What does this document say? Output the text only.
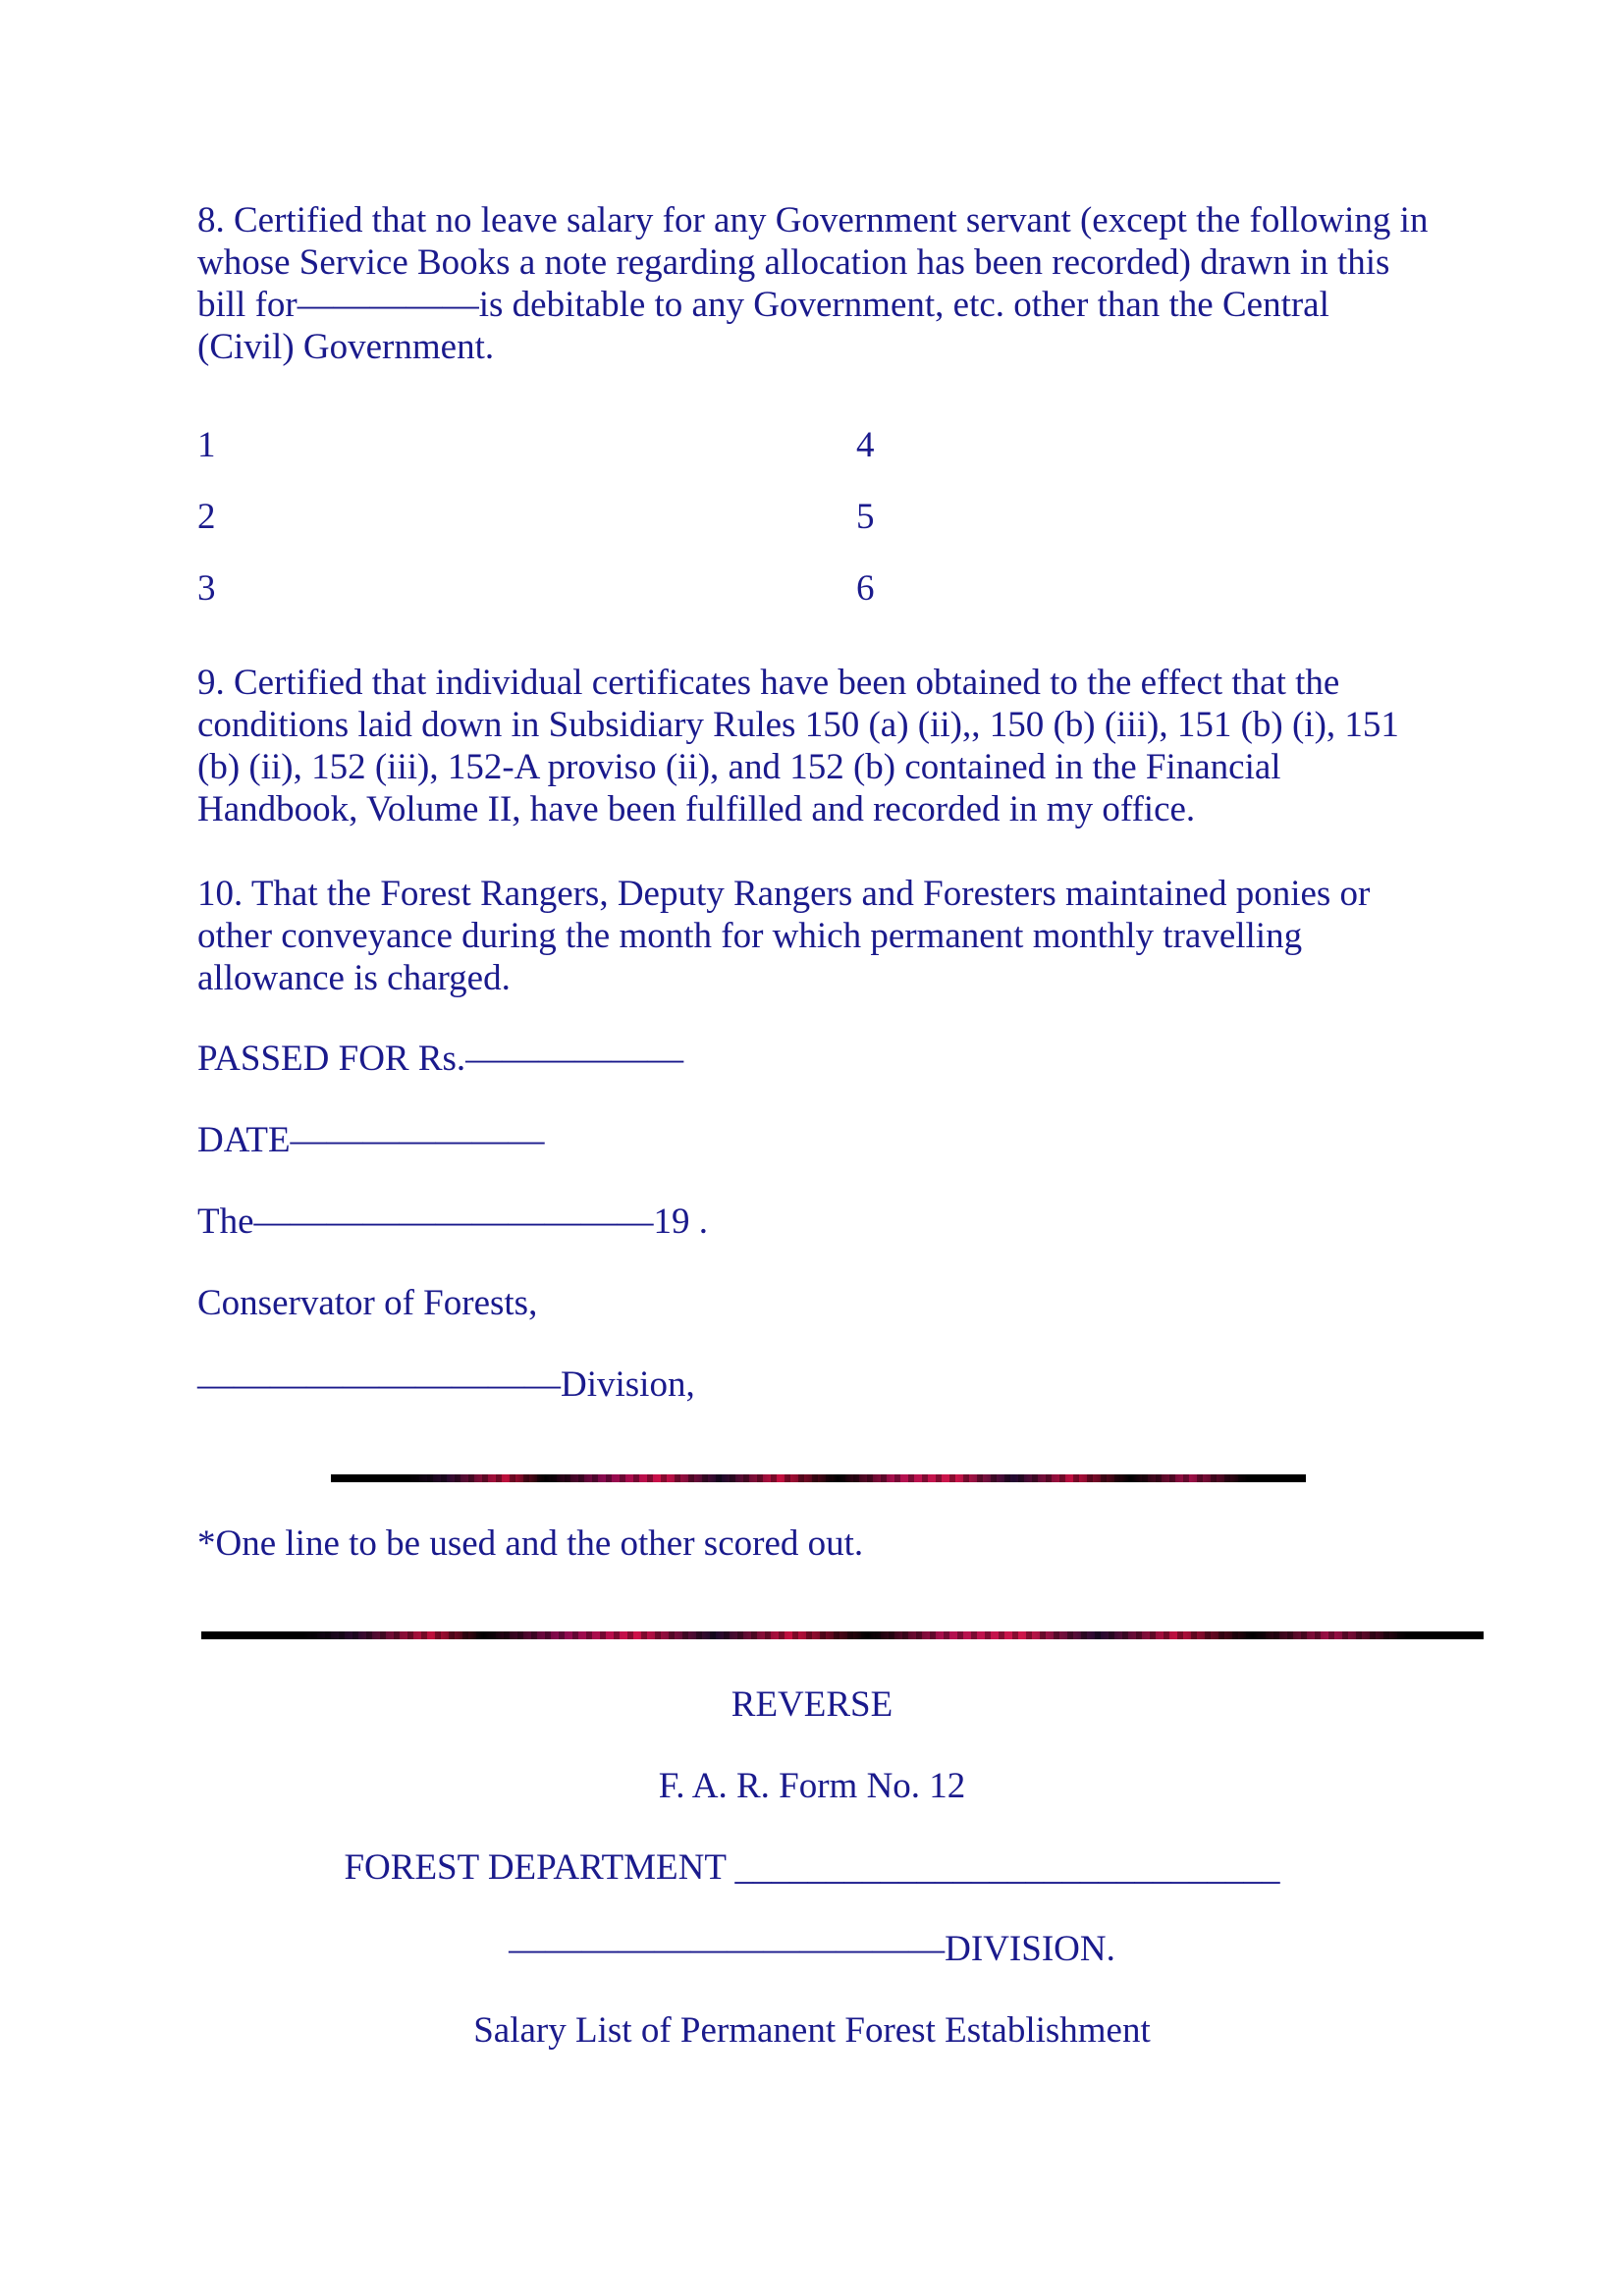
8. Certified that no leave salary for any Government servant (except the following in whose Service Books a note regarding allocation has been recorded) drawn in this bill for—————is debitable to any Government, etc. other than the Central (Civil) Government.

1
2
3
4
5
6

9. Certified that individual certificates have been obtained to the effect that the conditions laid down in Subsidiary Rules 150 (a) (ii),, 150 (b) (iii), 151 (b) (i), 151 (b) (ii), 152 (iii), 152-A proviso (ii), and 152 (b) contained in the Financial Handbook, Volume II, have been fulfilled and recorded in my office.

10. That the Forest Rangers, Deputy Rangers and Foresters maintained ponies or other conveyance during the month for which permanent monthly travelling allowance is charged.

PASSED FOR Rs.——————

DATE———————

The———————————19 .

Conservator of Forests,

——————————Division,

*One line to be used and the other scored out.

REVERSE
F. A. R. Form No. 12
FOREST DEPARTMENT ______________________________
————————————DIVISION.
Salary List of Permanent Forest Establishment
